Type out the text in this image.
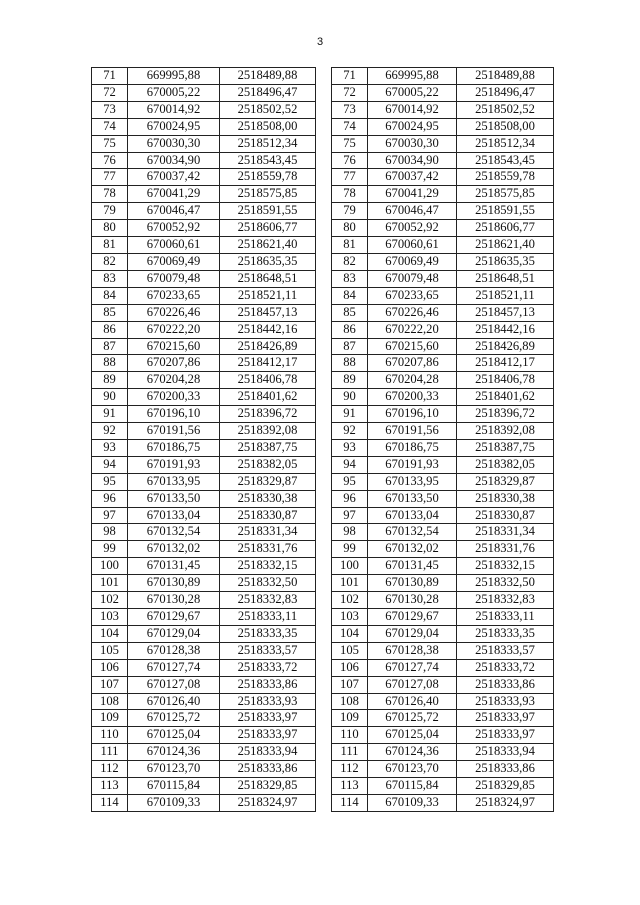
3
71	669995,88	2518489,88
72	670005,22	2518496,47
73	670014,92	2518502,52
74	670024,95	2518508,00
75	670030,30	2518512,34
76	670034,90	2518543,45
77	670037,42	2518559,78
78	670041,29	2518575,85
79	670046,47	2518591,55
80	670052,92	2518606,77
81	670060,61	2518621,40
82	670069,49	2518635,35
83	670079,48	2518648,51
84	670233,65	2518521,11
85	670226,46	2518457,13
86	670222,20	2518442,16
87	670215,60	2518426,89
88	670207,86	2518412,17
89	670204,28	2518406,78
90	670200,33	2518401,62
91	670196,10	2518396,72
92	670191,56	2518392,08
93	670186,75	2518387,75
94	670191,93	2518382,05
95	670133,95	2518329,87
96	670133,50	2518330,38
97	670133,04	2518330,87
98	670132,54	2518331,34
99	670132,02	2518331,76
100	670131,45	2518332,15
101	670130,89	2518332,50
102	670130,28	2518332,83
103	670129,67	2518333,11
104	670129,04	2518333,35
105	670128,38	2518333,57
106	670127,74	2518333,72
107	670127,08	2518333,86
108	670126,40	2518333,93
109	670125,72	2518333,97
110	670125,04	2518333,97
111	670124,36	2518333,94
112	670123,70	2518333,86
113	670115,84	2518329,85
114	670109,33	2518324,97
71	669995,88	2518489,88
72	670005,22	2518496,47
73	670014,92	2518502,52
74	670024,95	2518508,00
75	670030,30	2518512,34
76	670034,90	2518543,45
77	670037,42	2518559,78
78	670041,29	2518575,85
79	670046,47	2518591,55
80	670052,92	2518606,77
81	670060,61	2518621,40
82	670069,49	2518635,35
83	670079,48	2518648,51
84	670233,65	2518521,11
85	670226,46	2518457,13
86	670222,20	2518442,16
87	670215,60	2518426,89
88	670207,86	2518412,17
89	670204,28	2518406,78
90	670200,33	2518401,62
91	670196,10	2518396,72
92	670191,56	2518392,08
93	670186,75	2518387,75
94	670191,93	2518382,05
95	670133,95	2518329,87
96	670133,50	2518330,38
97	670133,04	2518330,87
98	670132,54	2518331,34
99	670132,02	2518331,76
100	670131,45	2518332,15
101	670130,89	2518332,50
102	670130,28	2518332,83
103	670129,67	2518333,11
104	670129,04	2518333,35
105	670128,38	2518333,57
106	670127,74	2518333,72
107	670127,08	2518333,86
108	670126,40	2518333,93
109	670125,72	2518333,97
110	670125,04	2518333,97
111	670124,36	2518333,94
112	670123,70	2518333,86
113	670115,84	2518329,85
114	670109,33	2518324,97
